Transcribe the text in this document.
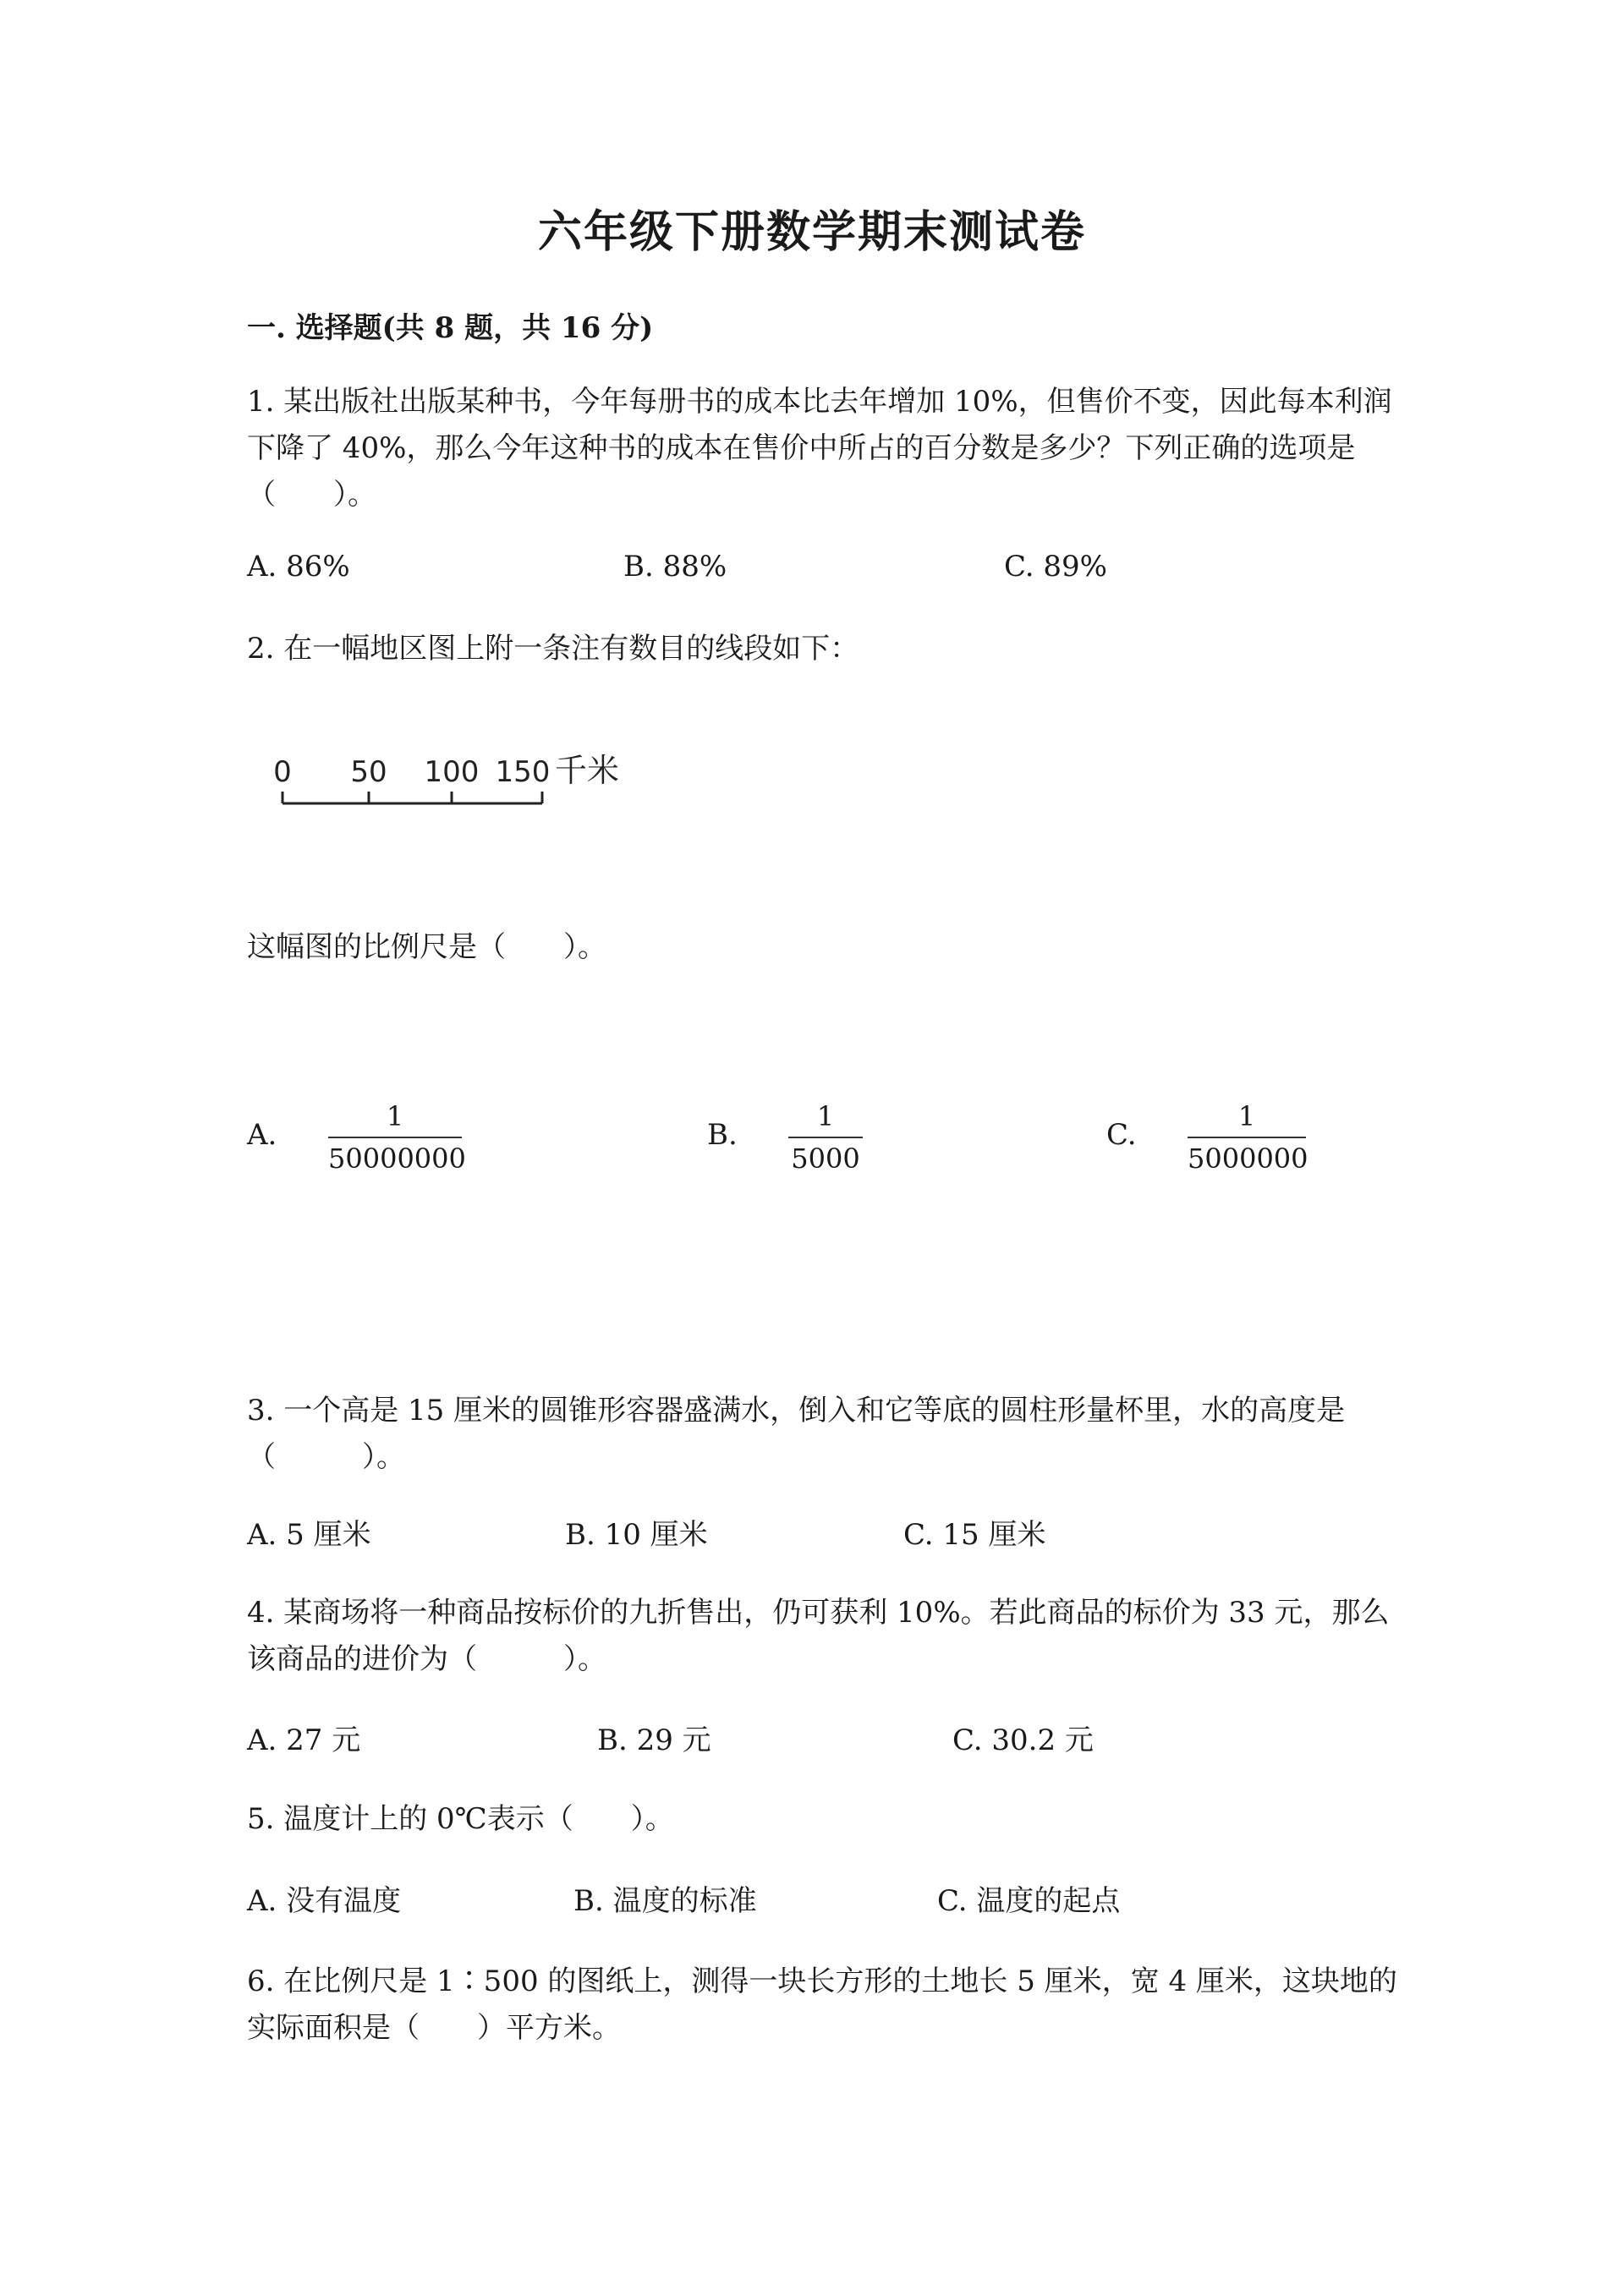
六年级下册数学期末测试卷
一. 选择题(共 8 题，共 16 分)
1. 某出版社出版某种书，今年每册书的成本比去年增加 10%，但售价不变，因此每本利润下降了 40%，那么今年这种书的成本在售价中所占的百分数是多少？下列正确的选项是（　　）。
A. 86%	B. 88%	C. 89%
2. 在一幅地区图上附一条注有数目的线段如下：
0 50 100 150 千米
这幅图的比例尺是（　　）。
A.
1
50000000
B.
1
5000
C.
1
5000000
3. 一个高是 15 厘米的圆锥形容器盛满水，倒入和它等底的圆柱形量杯里，水的高度是（　　　）。
A. 5 厘米	B. 10 厘米	C. 15 厘米
4. 某商场将一种商品按标价的九折售出，仍可获利 10%。若此商品的标价为 33 元，那么该商品的进价为（　　　）。
A. 27 元	B. 29 元	C. 30.2 元
5. 温度计上的 0℃表示（　　）。
A. 没有温度	B. 温度的标准	C. 温度的起点
6. 在比例尺是 1∶500 的图纸上，测得一块长方形的土地长 5 厘米，宽 4 厘米，这块地的实际面积是（　　）平方米。
